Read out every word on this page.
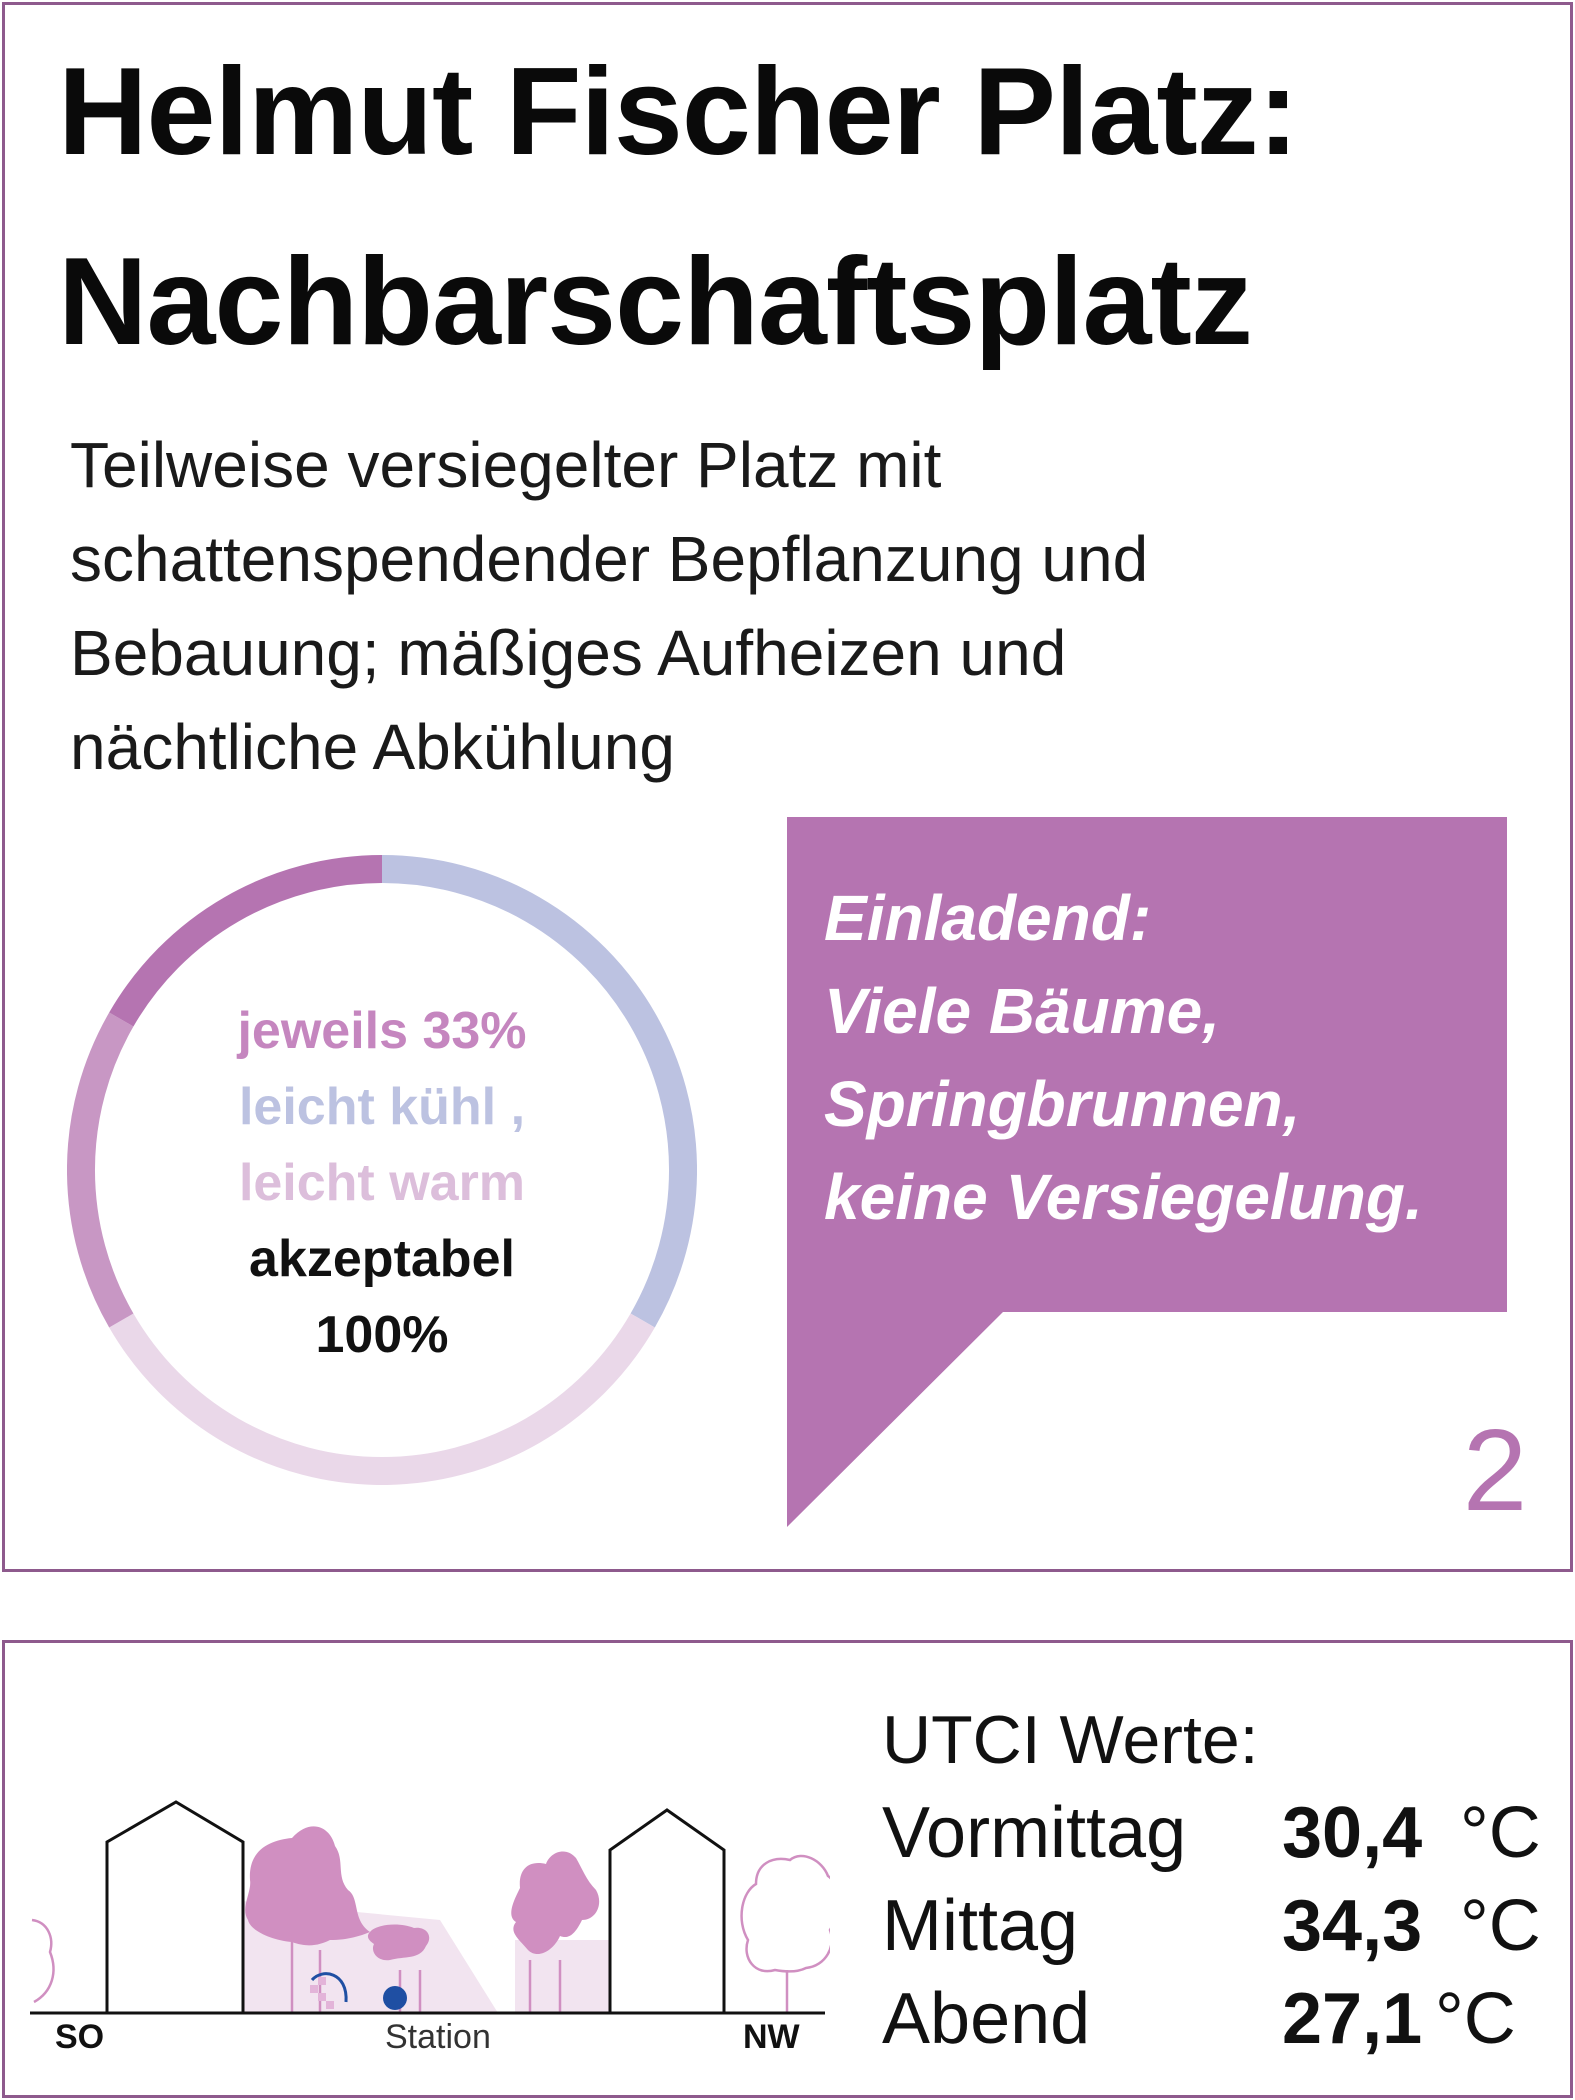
Helmut Fischer Platz:
Nachbarschaftsplatz

Teilweise versiegelter Platz mit
schattenspendender Bepflanzung und
Bebauung; mäßiges Aufheizen und
nächtliche Abkühlung

jeweils 33%
leicht kühl ,
leicht warm
akzeptabel
100%

Einladend:
Viele Bäume,
Springbrunnen,
keine Versiegelung.

2
SO	Station	NW
UTCI Werte:
Vormittag 30,4 °C
Mittag	34,3 °C
Abend	27,1 °C
